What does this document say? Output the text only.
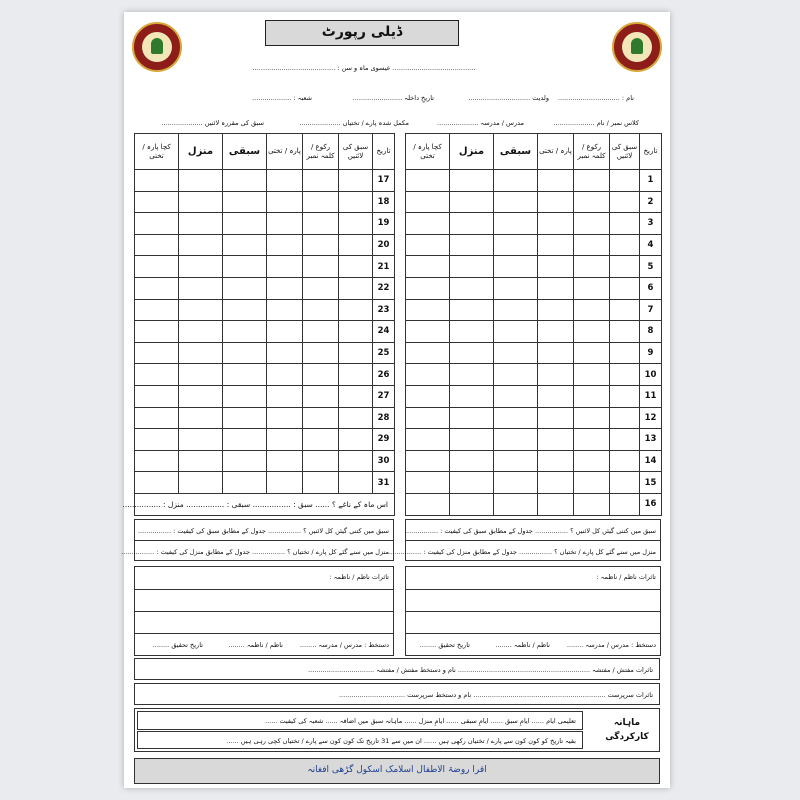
ڈیلی رپورٹ
........................................ عیسوی ماہ و سن : ........................................
نام : ..............................
ولدیت ..............................
تاریخِ داخلہ ........................
شعبہ : ...................
کلاس نمبر / نام ....................
مدرس / مدرسہ ....................
مکمل شدہ پارے / تختیاں ....................
سبق کی مقررہ لائنیں ....................
کچا پارہ / تختی	منزل	سبقی	پارہ / تختی	رکوع / کلمہ نمبر	سبق کی لائنیں	تاریخ
						1
						2
						3
						4
						5
						6
						7
						8
						9
						10
						11
						12
						13
						14
						15
						16
کچا پارہ / تختی	منزل	سبقی	پارہ / تختی	رکوع / کلمہ نمبر	سبق کی لائنیں	تاریخ
						17
						18
						19
						20
						21
						22
						23
						24
						25
						26
						27
						28
						29
						30
						31
اس ماہ کے ناغے ؟ ...... سبق : ................ سبقی : ................ منزل : ................						
سبق میں کتنی گیئں کل لائنیں ؟ ................ جدول کے مطابق سبق کی کیفیت : ................
منزل میں سنے گئے کل پارے / تختیاں ؟ ................ جدول کے مطابق منزل کی کیفیت : ................
سبق میں کتنی گیئں کل لائنیں ؟ ................ جدول کے مطابق سبق کی کیفیت : ................
منزل میں سنے گئے کل پارے / تختیاں ؟ ................ جدول کے مطابق منزل کی کیفیت : ................
تاثرات ناظم / ناظمہ :
دستخط : مدرس / مدرسہ ........
ناظم / ناظمہ ........
تاریخ تحقیق ........
تاثرات ناظم / ناظمہ :
دستخط : مدرس / مدرسہ ........
ناظم / ناظمہ ........
تاریخ تحقیق ........
تاثرات مفتش / مفتشہ ................................................................ نام و دستخط مفتش / مفتشہ ................................
تاثرات سرپرست ................................................................ نام و دستخط سرپرست ................................
ماہانہ کارکردگی
تعلیمی ایام ...... ایامِ سبق ...... ایامِ سبقی ...... ایامِ منزل ...... ماہانہ سبق میں اضافہ ...... شعبہ کی کیفیت ......
بقیہ تاریخ کو کون کون سے پارے / تختیاں رکھی ہیں ...... ان میں سے 31 تاریخ تک کون کون سے پارے / تختیاں کچی رہی ہیں ......
اقرا روضۃ الاطفال اسلامک اسکول گڑھی افغانہ
